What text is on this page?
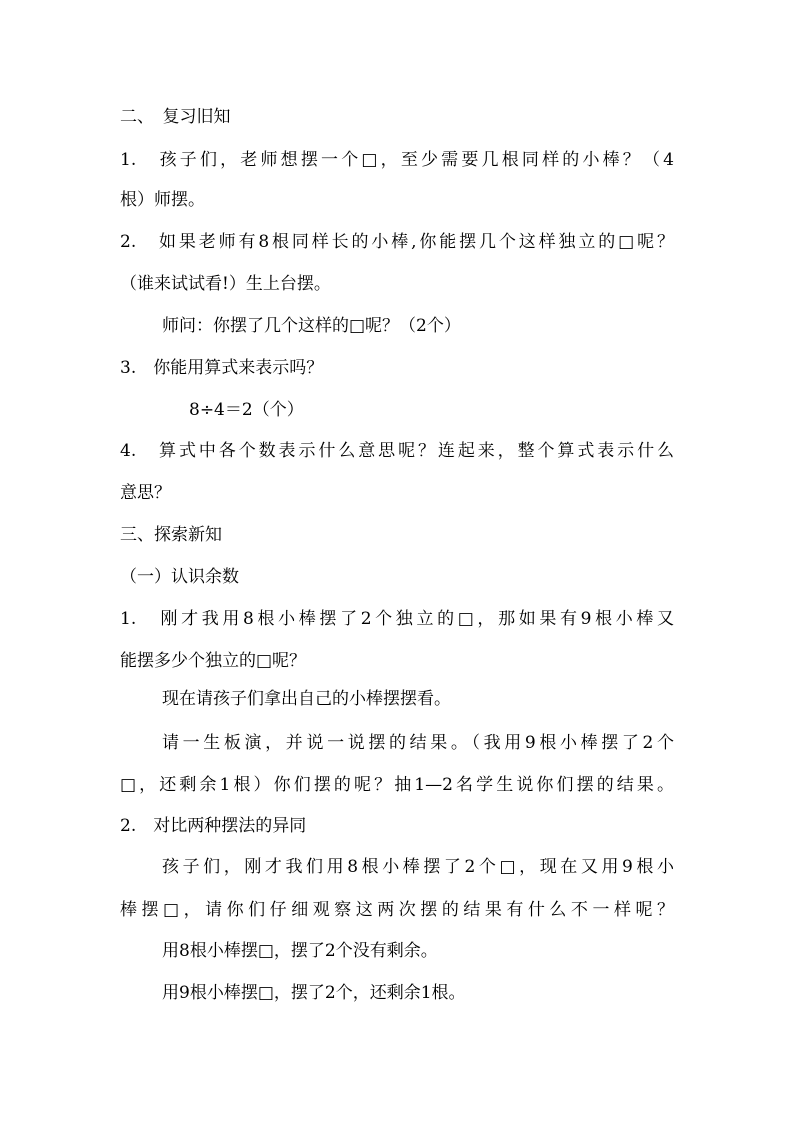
二、　复习旧知
1.　孩子们，老师想摆一个□，至少需要几根同样的小棒？（4
根）师摆。
2.　如果老师有8根同样长的小棒,你能摆几个这样独立的□呢？
（谁来试试看!）生上台摆。
师问：你摆了几个这样的□呢？（2个）
3.　你能用算式来表示吗？
8÷4＝2（个）
4.　算式中各个数表示什么意思呢？连起来，整个算式表示什么
意思？
三、探索新知
（一）认识余数
1.　刚才我用8根小棒摆了2个独立的□，那如果有9根小棒又
能摆多少个独立的□呢？
现在请孩子们拿出自己的小棒摆摆看。
请一生板演，并说一说摆的结果。（我用9根小棒摆了2个
□，还剩余1根）你们摆的呢？抽1—2名学生说你们摆的结果。
2.　对比两种摆法的异同
孩子们，刚才我们用8根小棒摆了2个□，现在又用9根小
棒摆□，请你们仔细观察这两次摆的结果有什么不一样呢？
用8根小棒摆□，摆了2个没有剩余。
用9根小棒摆□，摆了2个，还剩余1根。
